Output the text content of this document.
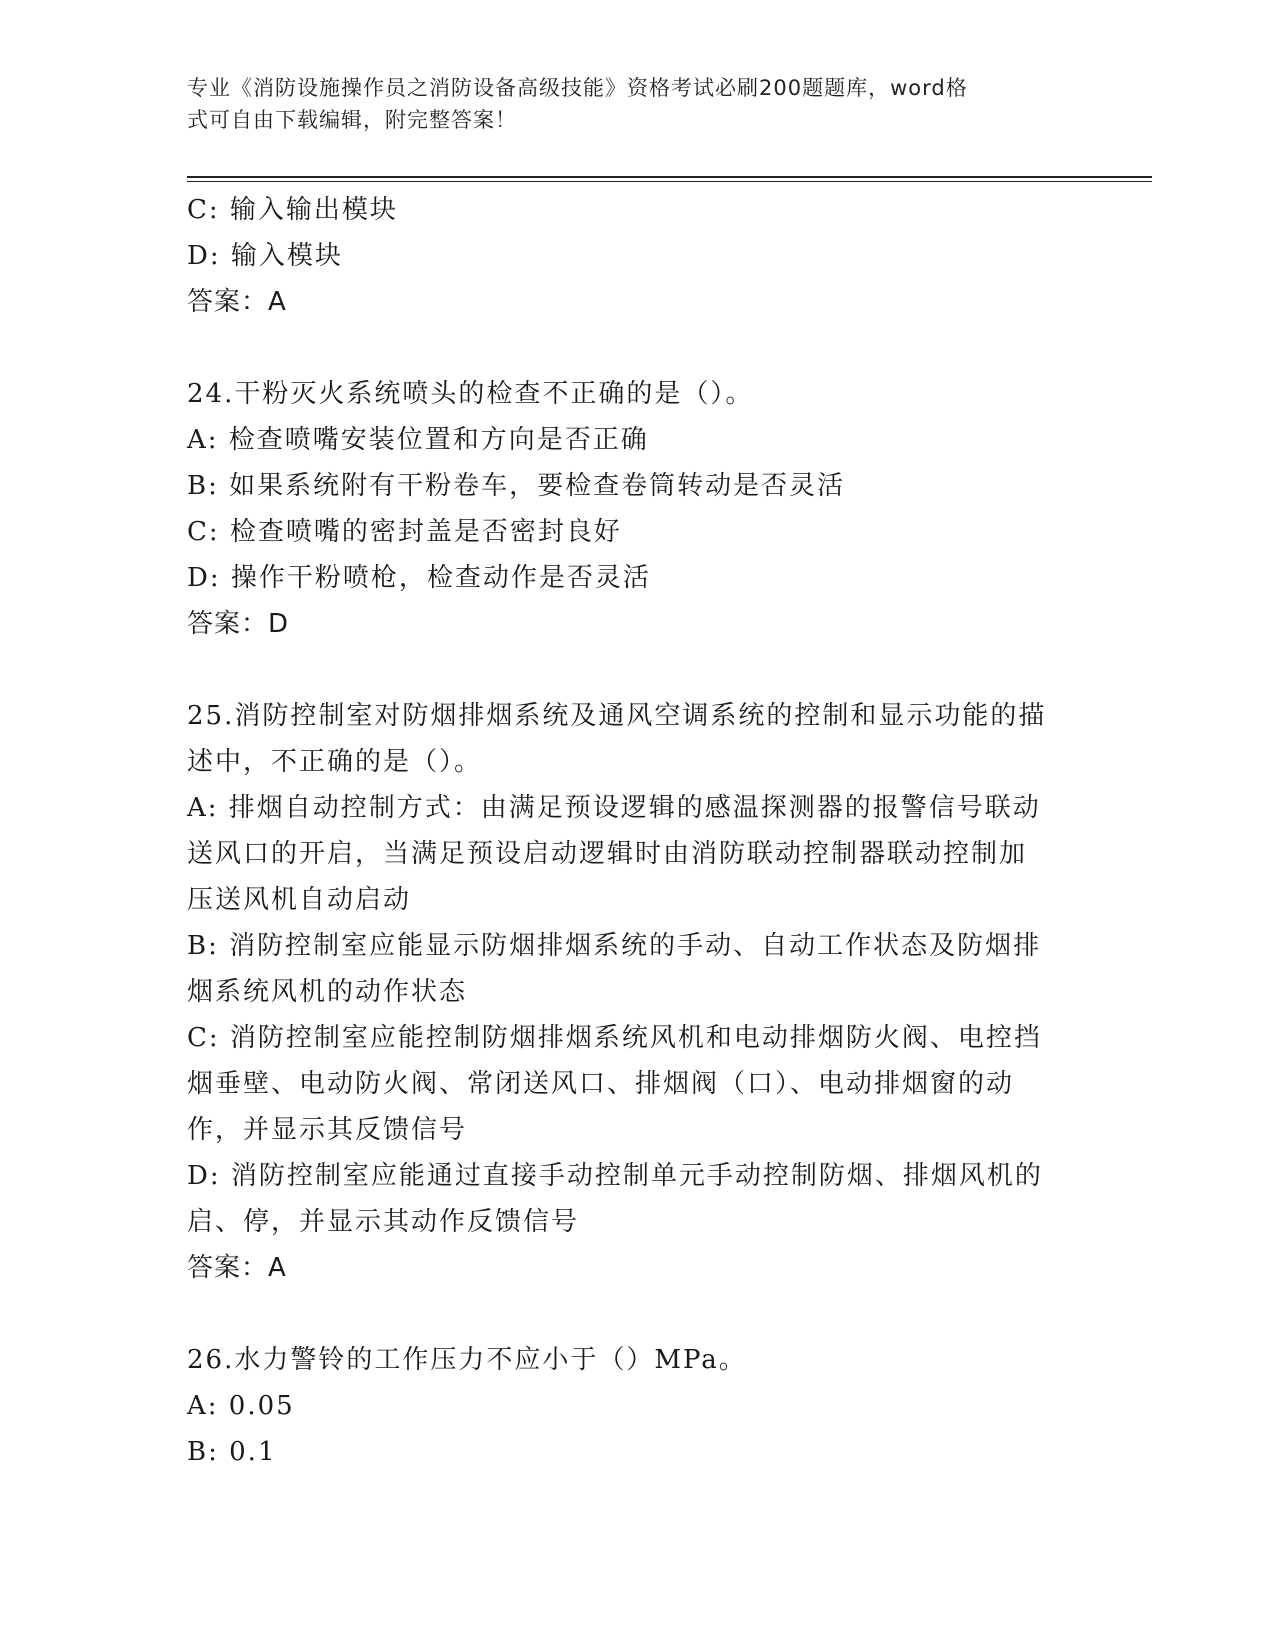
专业《消防设施操作员之消防设备高级技能》资格考试必刷200题题库，word格
式可自由下载编辑，附完整答案！

C: 输入输出模块

D: 输入模块

答案：A

24.干粉灭火系统喷头的检查不正确的是（）。

A: 检查喷嘴安装位置和方向是否正确

B: 如果系统附有干粉卷车，要检查卷筒转动是否灵活

C: 检查喷嘴的密封盖是否密封良好

D: 操作干粉喷枪，检查动作是否灵活

答案：D

25.消防控制室对防烟排烟系统及通风空调系统的控制和显示功能的描

述中，不正确的是（）。

A: 排烟自动控制方式：由满足预设逻辑的感温探测器的报警信号联动

送风口的开启，当满足预设启动逻辑时由消防联动控制器联动控制加

压送风机自动启动

B: 消防控制室应能显示防烟排烟系统的手动、自动工作状态及防烟排

烟系统风机的动作状态

C: 消防控制室应能控制防烟排烟系统风机和电动排烟防火阀、电控挡

烟垂壁、电动防火阀、常闭送风口、排烟阀（口）、电动排烟窗的动

作，并显示其反馈信号

D: 消防控制室应能通过直接手动控制单元手动控制防烟、排烟风机的

启、停，并显示其动作反馈信号

答案：A

26.水力警铃的工作压力不应小于（）MPa。

A: 0.05

B: 0.1
